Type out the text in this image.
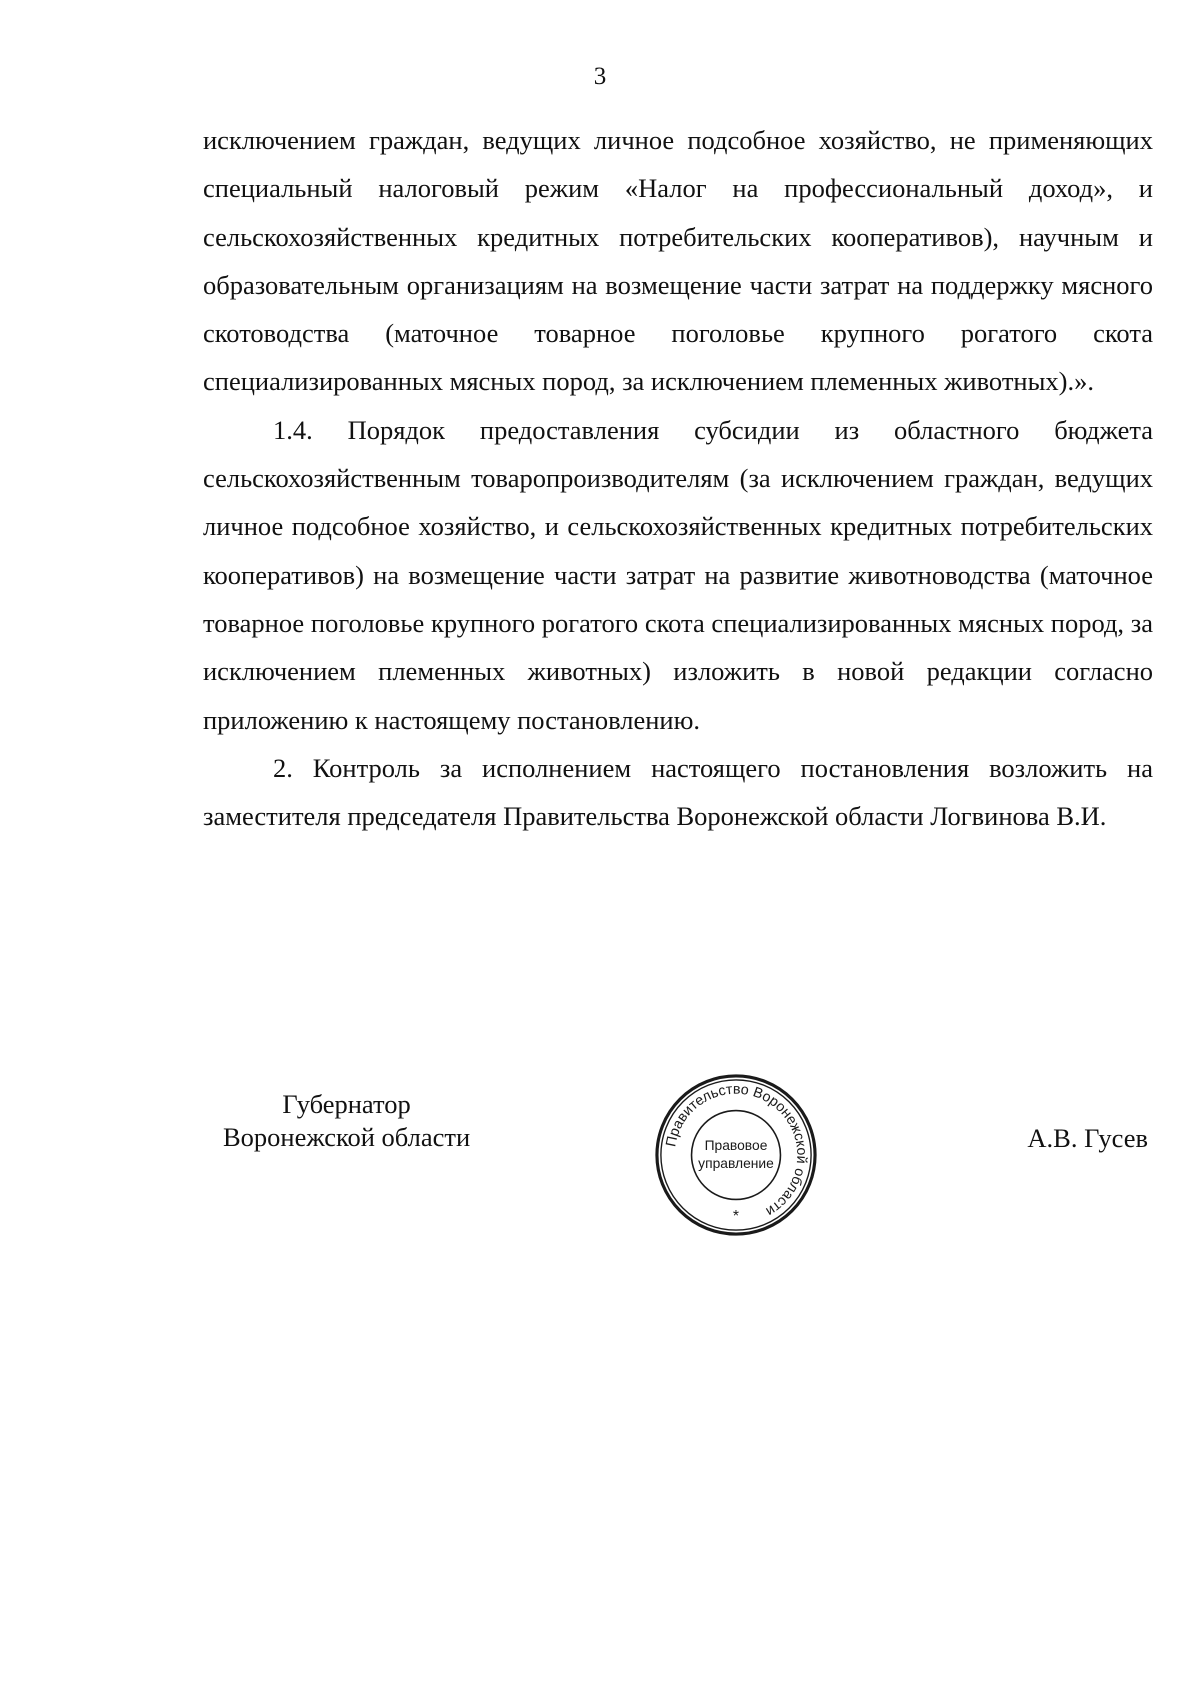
3

исключением граждан, ведущих личное подсобное хозяйство, не применяющих специальный налоговый режим «Налог на профессиональный доход», и сельскохозяйственных кредитных потребительских кооперативов), научным и образовательным организациям на возмещение части затрат на поддержку мясного скотоводства (маточное товарное поголовье крупного рогатого скота специализированных мясных пород, за исключением племенных животных).».

1.4. Порядок предоставления субсидии из областного бюджета сельскохозяйственным товаропроизводителям (за исключением граждан, ведущих личное подсобное хозяйство, и сельскохозяйственных кредитных потребительских кооперативов) на возмещение части затрат на развитие животноводства (маточное товарное поголовье крупного рогатого скота специализированных мясных пород, за исключением племенных животных) изложить в новой редакции согласно приложению к настоящему постановлению.

2. Контроль за исполнением настоящего постановления возложить на заместителя председателя Правительства Воронежской области Логвинова В.И.

Губернатор
Воронежской области	Правительство Воронежской области
Правовое
управление
*
А.В. Гусев
